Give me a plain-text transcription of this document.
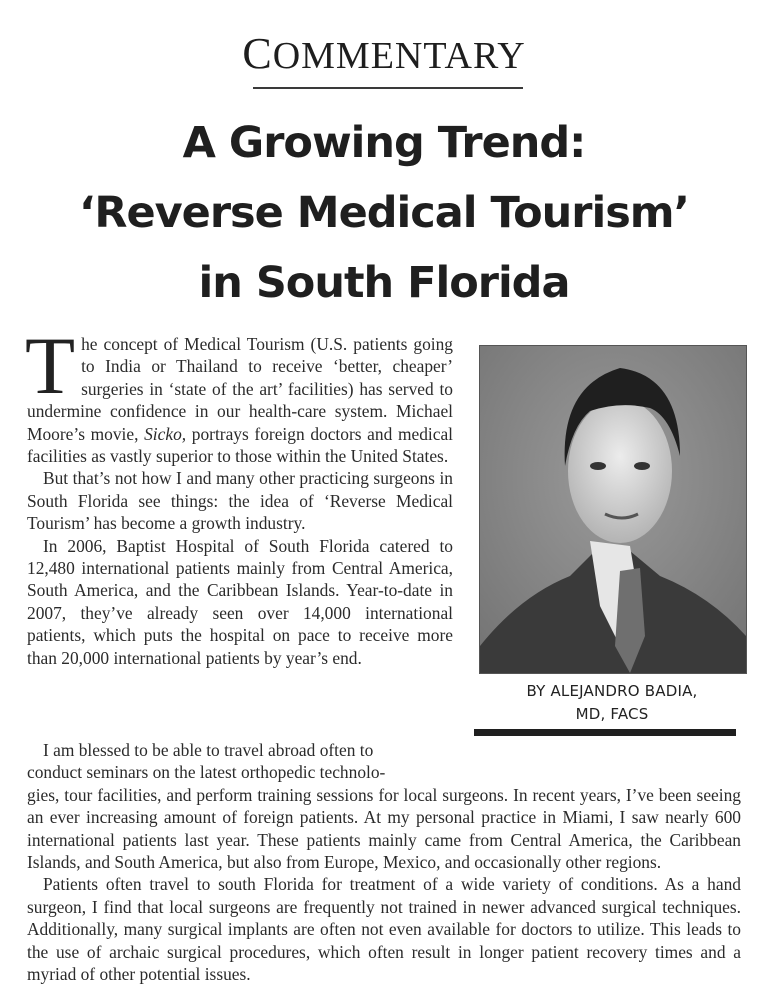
COMMENTARY
A Growing Trend:
‘Reverse Medical Tourism’
in South Florida

The concept of Medical Tourism (U.S. patients going to India or Thailand to receive ‘better, cheaper’ surgeries in ‘state of the art’ facilities) has served to undermine confidence in our health-care system. Michael Moore’s movie, Sicko, portrays foreign doctors and medical facilities as vastly superior to those within the United States.

But that’s not how I and many other practicing surgeons in South Florida see things: the idea of ‘Reverse Medical Tourism’ has become a growth industry.

In 2006, Baptist Hospital of South Florida catered to 12,480 international patients mainly from Central America, South America, and the Caribbean Islands. Year-to-date in 2007, they’ve already seen over 14,000 international patients, which puts the hospital on pace to receive more than 20,000 international patients by year’s end.

BY ALEJANDRO BADIA,
MD, FACS

I am blessed to be able to travel abroad often to

conduct seminars on the latest orthopedic technolo-

gies, tour facilities, and perform training sessions for local surgeons. In recent years, I’ve been seeing an ever increasing amount of foreign patients. At my personal practice in Miami, I saw nearly 600 international patients last year. These patients mainly came from Central America, the Caribbean Islands, and South America, but also from Europe, Mexico, and occasionally other regions.

Patients often travel to south Florida for treatment of a wide variety of conditions. As a hand surgeon, I find that local surgeons are frequently not trained in newer advanced surgical techniques. Additionally, many surgical implants are often not even available for doctors to utilize. This leads to the use of archaic surgical procedures, which often result in longer patient recovery times and a myriad of other potential issues.
